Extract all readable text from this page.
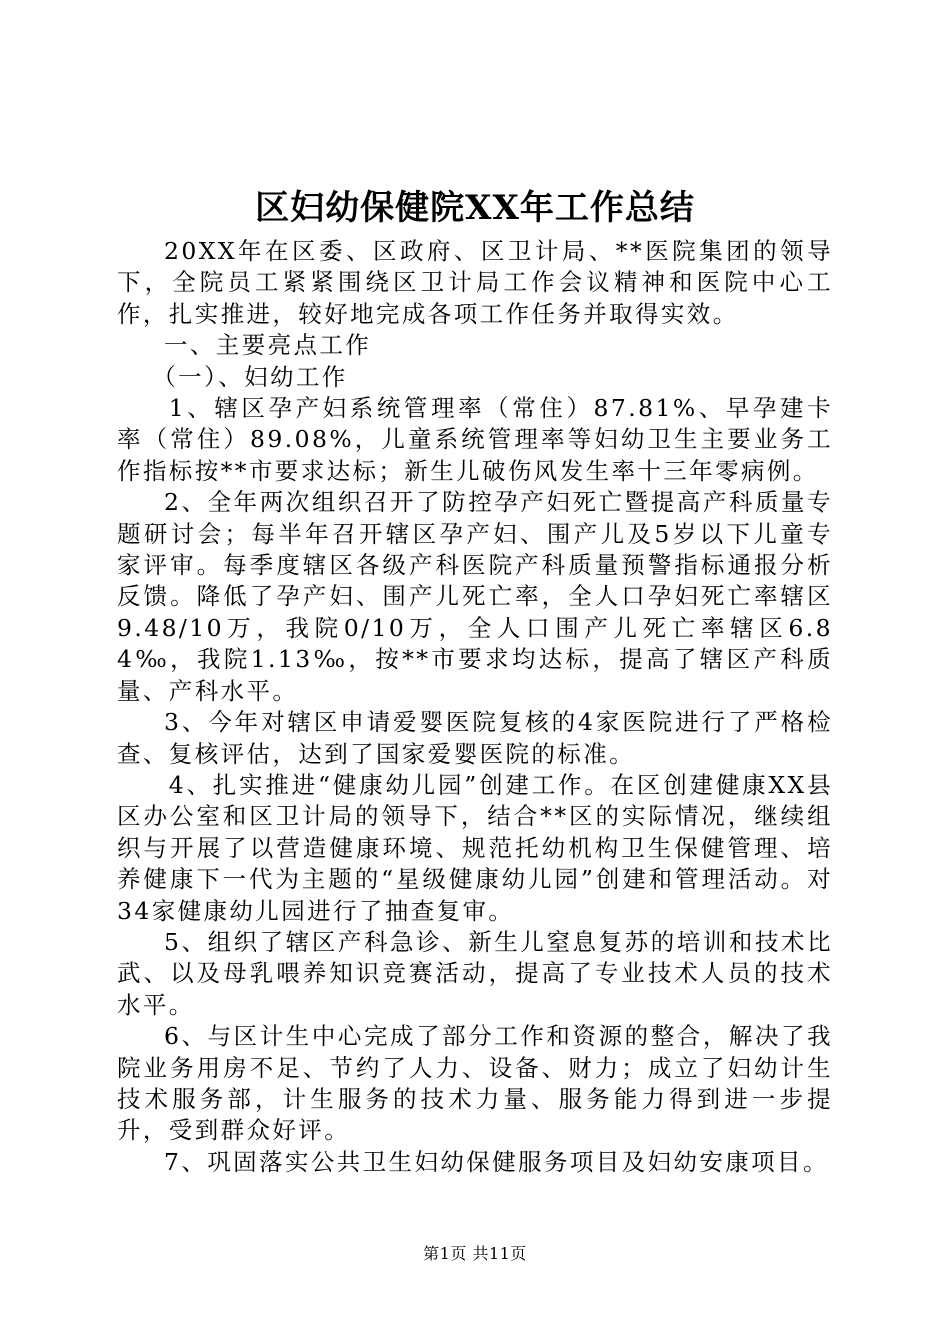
区妇幼保健院XX年工作总结

20XX年在区委、区政府、区卫计局、**医院集团的领导下，全院员工紧紧围绕区卫计局工作会议精神和医院中心工作，扎实推进，较好地完成各项工作任务并取得实效。

一、主要亮点工作

（一）、妇幼工作

1、辖区孕产妇系统管理率（常住）87.81%、早孕建卡率（常住）89.08%，儿童系统管理率等妇幼卫生主要业务工作指标按**市要求达标；新生儿破伤风发生率十三年零病例。

2、全年两次组织召开了防控孕产妇死亡暨提高产科质量专题研讨会；每半年召开辖区孕产妇、围产儿及5岁以下儿童专家评审。每季度辖区各级产科医院产科质量预警指标通报分析反馈。降低了孕产妇、围产儿死亡率，全人口孕妇死亡率辖区9.48/10万，我院0/10万，全人口围产儿死亡率辖区6.84‰，我院1.13‰，按**市要求均达标，提高了辖区产科质量、产科水平。

3、今年对辖区申请爱婴医院复核的4家医院进行了严格检查、复核评估，达到了国家爱婴医院的标准。

4、扎实推进“健康幼儿园”创建工作。在区创建健康XX县区办公室和区卫计局的领导下，结合**区的实际情况，继续组织与开展了以营造健康环境、规范托幼机构卫生保健管理、培养健康下一代为主题的“星级健康幼儿园”创建和管理活动。对34家健康幼儿园进行了抽查复审。

5、组织了辖区产科急诊、新生儿窒息复苏的培训和技术比武、以及母乳喂养知识竞赛活动，提高了专业技术人员的技术水平。

6、与区计生中心完成了部分工作和资源的整合，解决了我院业务用房不足、节约了人力、设备、财力；成立了妇幼计生技术服务部，计生服务的技术力量、服务能力得到进一步提升，受到群众好评。

7、巩固落实公共卫生妇幼保健服务项目及妇幼安康项目。

第1页 共11页
